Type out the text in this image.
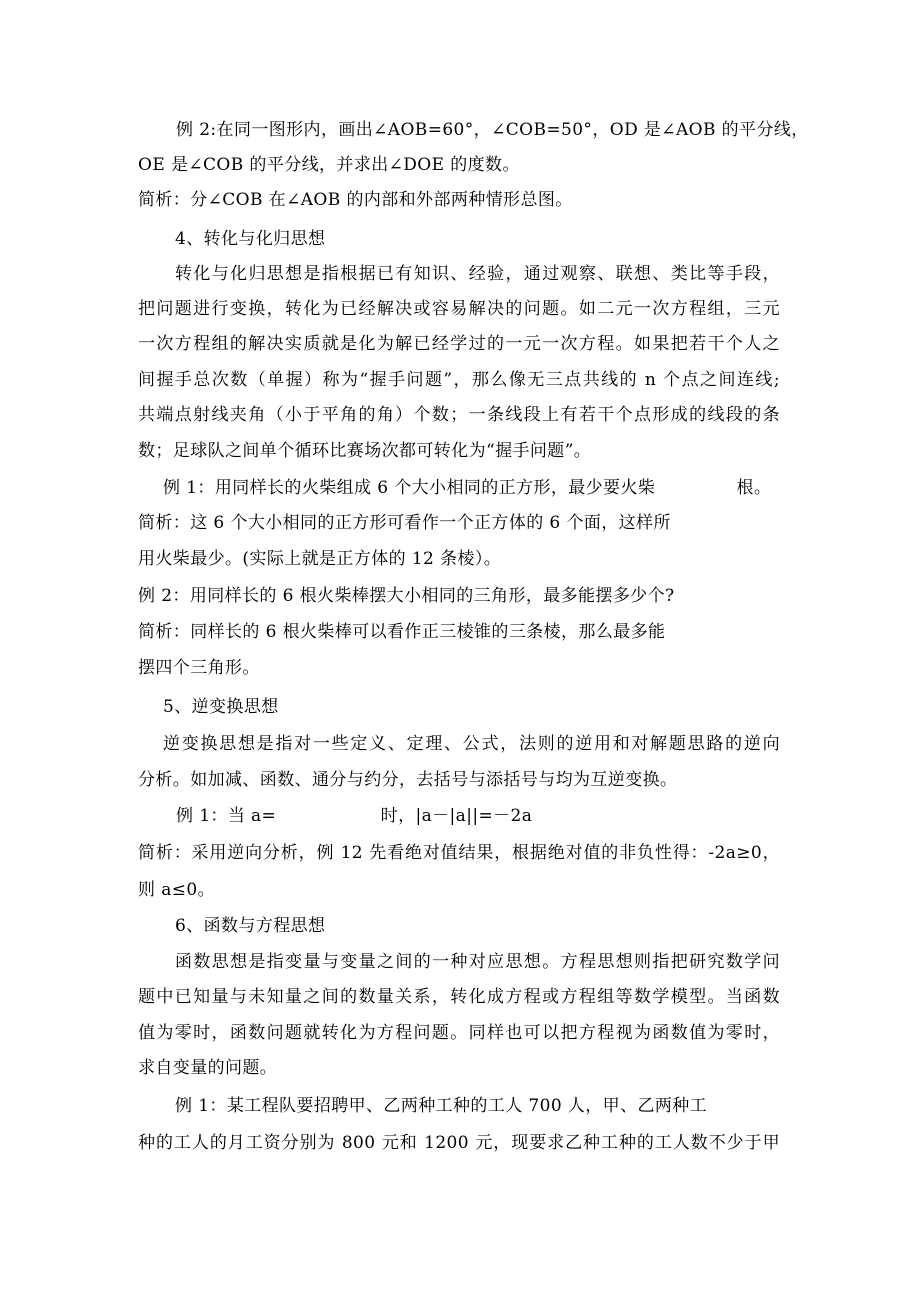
例 2:在同一图形内，画出∠AOB=60°，∠COB=50°，OD 是∠AOB 的平分线，
OE 是∠COB 的平分线，并求出∠DOE 的度数。
简析：分∠COB 在∠AOB 的内部和外部两种情形总图。
4、转化与化归思想
转化与化归思想是指根据已有知识、经验，通过观察、联想、类比等手段，
把问题进行变换，转化为已经解决或容易解决的问题。如二元一次方程组，三元
一次方程组的解决实质就是化为解已经学过的一元一次方程。如果把若干个人之
间握手总次数（单握）称为“握手问题”，那么像无三点共线的 n 个点之间连线;
共端点射线夹角（小于平角的角）个数；一条线段上有若干个点形成的线段的条
数；足球队之间单个循环比赛场次都可转化为“握手问题”。
例 1：用同样长的火柴组成 6 个大小相同的正方形，最少要火柴              根。
简析：这 6 个大小相同的正方形可看作一个正方体的 6 个面，这样所
用火柴最少。(实际上就是正方体的 12 条棱）。
例 2：用同样长的 6 根火柴棒摆大小相同的三角形，最多能摆多少个?
简析：同样长的 6 根火柴棒可以看作正三棱锥的三条棱，那么最多能
摆四个三角形。
5、逆变换思想
逆变换思想是指对一些定义、定理、公式，法则的逆用和对解题思路的逆向
分析。如加减、函数、通分与约分，去括号与添括号与均为互逆变换。
例 1：当 a=                  时，|a－|a||=－2a
简析：采用逆向分析，例 12 先看绝对值结果，根据绝对值的非负性得：-2a≥0，
则 a≤0。
6、函数与方程思想
函数思想是指变量与变量之间的一种对应思想。方程思想则指把研究数学问
题中已知量与未知量之间的数量关系，转化成方程或方程组等数学模型。当函数
值为零时，函数问题就转化为方程问题。同样也可以把方程视为函数值为零时，
求自变量的问题。
例 1：某工程队要招聘甲、乙两种工种的工人 700 人，甲、乙两种工
种的工人的月工资分别为 800 元和 1200 元，现要求乙种工种的工人数不少于甲
